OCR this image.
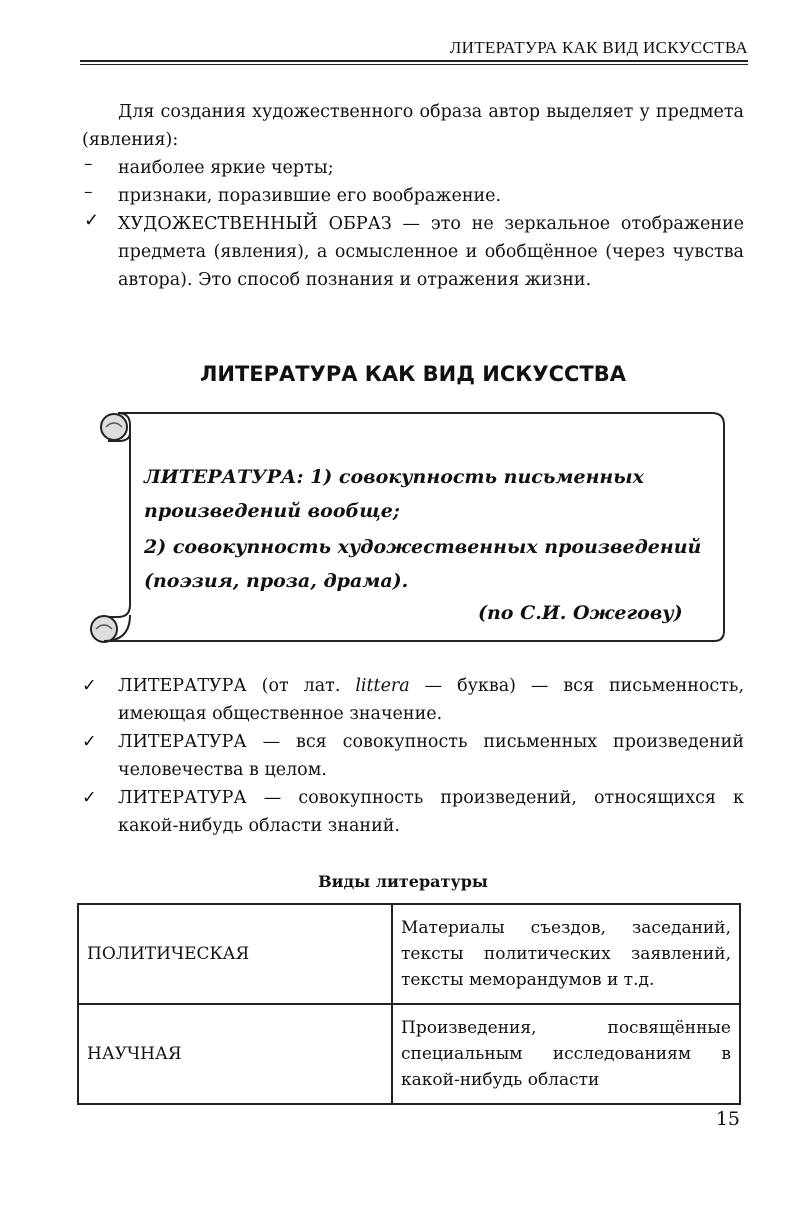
ЛИТЕРАТУРА КАК ВИД ИСКУССТВА
Для создания художественного образа автор выделяет у предмета (явления):
– наиболее яркие черты;
– признаки, поразившие его воображение.
✓ ХУДОЖЕСТВЕННЫЙ ОБРАЗ — это не зеркальное отображение предмета (явления), а осмысленное и обобщённое (через чувства автора). Это способ познания и отражения жизни.
ЛИТЕРАТУРА КАК ВИД ИСКУССТВА
ЛИТЕРАТУРА: 1) совокупность письменных
произведений вообще;
2) совокупность художественных произведений
(поэзия, проза, драма).
(по С.И. Ожегову)
✓ ЛИТЕРАТУРА (от лат. littera — буква) — вся письменность, имеющая общественное значение.
✓ ЛИТЕРАТУРА — вся совокупность письменных произведений человечества в целом.
✓ ЛИТЕРАТУРА — совокупность произведений, относящихся к какой-нибудь области знаний.
Виды литературы
ПОЛИТИЧЕСКАЯ	Материалы съездов, заседаний, тексты политических заявлений, тексты меморандумов и т.д.
НАУЧНАЯ	Произведения, посвящённые специальным исследованиям в какой-нибудь области
15
